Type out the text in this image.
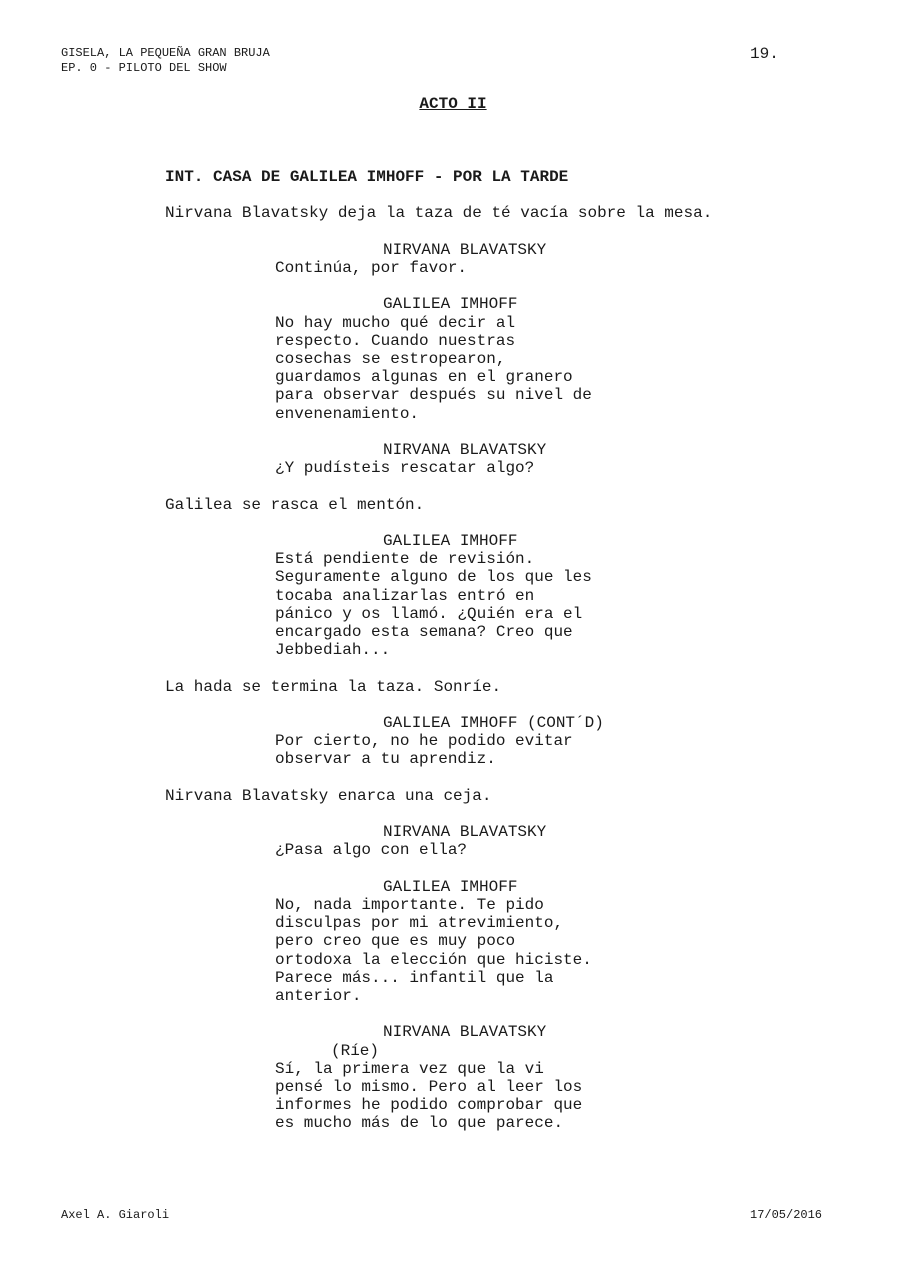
GISELA, LA PEQUEÑA GRAN BRUJA
EP. 0 - PILOTO DEL SHOW
19.
ACTO II
INT. CASA DE GALILEA IMHOFF - POR LA TARDE
Nirvana Blavatsky deja la taza de té vacía sobre la mesa.
NIRVANA BLAVATSKY
Continúa, por favor.
GALILEA IMHOFF
No hay mucho qué decir al
respecto. Cuando nuestras
cosechas se estropearon,
guardamos algunas en el granero
para observar después su nivel de
envenenamiento.
NIRVANA BLAVATSKY
¿Y pudísteis rescatar algo?
Galilea se rasca el mentón.
GALILEA IMHOFF
Está pendiente de revisión.
Seguramente alguno de los que les
tocaba analizarlas entró en
pánico y os llamó. ¿Quién era el
encargado esta semana? Creo que
Jebbediah...
La hada se termina la taza. Sonríe.
GALILEA IMHOFF (CONT´D)
Por cierto, no he podido evitar
observar a tu aprendiz.
Nirvana Blavatsky enarca una ceja.
NIRVANA BLAVATSKY
¿Pasa algo con ella?
GALILEA IMHOFF
No, nada importante. Te pido
disculpas por mi atrevimiento,
pero creo que es muy poco
ortodoxa la elección que hiciste.
Parece más... infantil que la
anterior.
NIRVANA BLAVATSKY
(Ríe)
Sí, la primera vez que la vi
pensé lo mismo. Pero al leer los
informes he podido comprobar que
es mucho más de lo que parece.
Axel A. Giaroli	17/05/2016
